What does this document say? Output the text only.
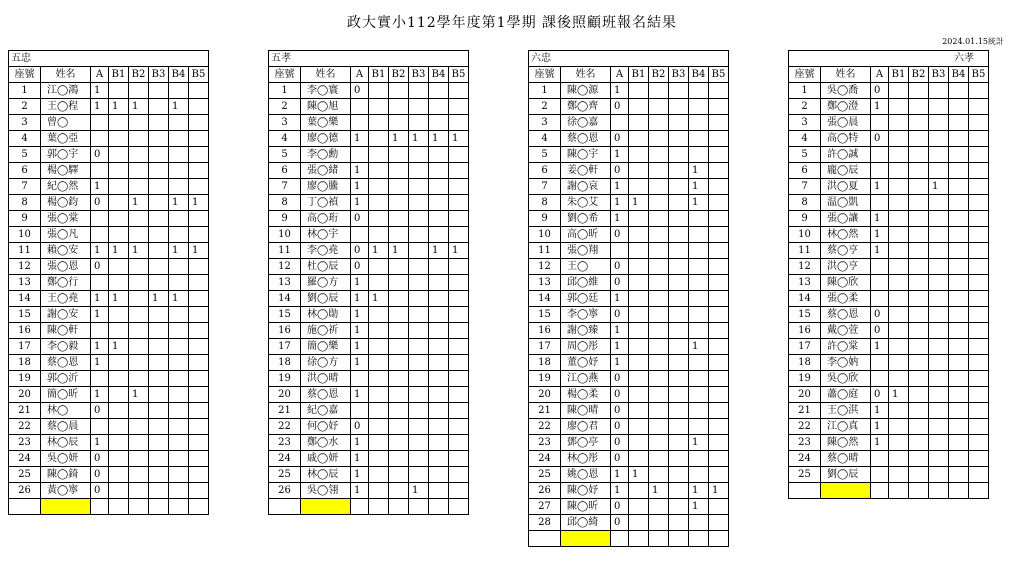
政大實小112學年度第1學期 課後照顧班報名結果
2024.01.15統計
五忠							
座號	姓名	A	B1	B2	B3	B4	B5
1	江◯鴻	1					
2	王◯程	1	1	1		1	
3	曾◯						
4	葉◯亞						
5	郭◯宇	0					
6	楊◯驛						
7	紀◯然	1					
8	楊◯鈞	0		1		1	1
9	張◯棠						
10	張◯凡						
11	賴◯安	1	1	1		1	1
12	張◯恩	0					
13	鄭◯行						
14	王◯堯	1	1		1	1	
15	謝◯安	1					
16	陳◯軒						
17	李◯毅	1	1				
18	蔡◯恩	1					
19	郭◯沂						
20	簡◯昕	1		1			
21	林◯	0					
22	蔡◯晨						
23	林◯辰	1					
24	吳◯妍	0					
25	陳◯錡	0					
26	黃◯寧	0					

五孝							
座號	姓名	A	B1	B2	B3	B4	B5
1	李◯寰	0					
2	陳◯旭						
3	葉◯樂						
4	廖◯德	1		1	1	1	1
5	李◯勳						
6	張◯緒	1					
7	廖◯騰	1					
8	丁◯禎	1					
9	高◯珩	0					
10	林◯宇						
11	李◯堯	0	1	1		1	1
12	杜◯辰	0					
13	羅◯方	1					
14	劉◯辰	1	1				
15	林◯勛	1					
16	施◯祈	1					
17	簡◯樂	1					
18	徐◯方	1					
19	洪◯晴						
20	蔡◯恩	1					
21	紀◯嘉						
22	何◯妤	0					
23	鄭◯水	1					
24	戚◯妍	1					
25	林◯辰	1					
26	吳◯翎	1			1		

六忠							
座號	姓名	A	B1	B2	B3	B4	B5
1	陳◯源	1					
2	鄭◯齊	0					
3	徐◯嘉						
4	蔡◯恩	0					
5	陳◯宇	1					
6	姜◯軒	0				1	
7	謝◯哀	1				1	
8	朱◯艾	1	1			1	
9	劉◯希	1					
10	高◯昕	0					
11	張◯翔						
12	王◯	0					
13	邱◯維	0					
14	郭◯廷	1					
15	李◯寧	0					
16	謝◯臻	1					
17	周◯彤	1				1	
18	董◯妤	1					
19	江◯燕	0					
20	楊◯柔	0					
21	陳◯晴	0					
22	廖◯君	0					
23	鄧◯亭	0				1	
24	林◯彤	0					
25	姚◯恩	1	1				
26	陳◯妤	1		1		1	1
27	陳◯昕	0				1	
28	邱◯綺	0					

六孝							
座號	姓名	A	B1	B2	B3	B4	B5
1	吳◯喬	0					
2	鄭◯澄	1					
3	張◯晨						
4	高◯特	0					
5	許◯誠						
6	龐◯辰						
7	洪◯夏	1			1		
8	温◯凱						
9	張◯讓	1					
10	林◯然	1					
11	蔡◯亨	1					
12	洪◯亨						
13	陳◯欣						
14	張◯柔						
15	蔡◯恩	0					
16	戴◯萱	0					
17	許◯棠	1					
18	李◯妠						
19	吳◯欣						
20	蕭◯庭	0	1				
21	王◯淇	1					
22	江◯真	1					
23	陳◯然	1					
24	蔡◯晴						
25	劉◯辰						
